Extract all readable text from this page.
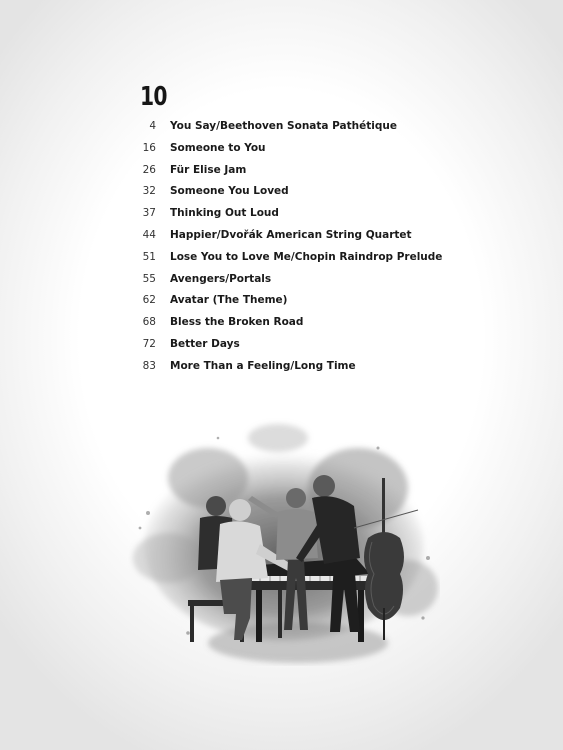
10
4	You Say/Beethoven Sonata Pathétique
16	Someone to You
26	Für Elise Jam
32	Someone You Loved
37	Thinking Out Loud
44	Happier/Dvořák American String Quartet
51	Lose You to Love Me/Chopin Raindrop Prelude
55	Avengers/Portals
62	Avatar (The Theme)
68	Bless the Broken Road
72	Better Days
83	More Than a Feeling/Long Time
